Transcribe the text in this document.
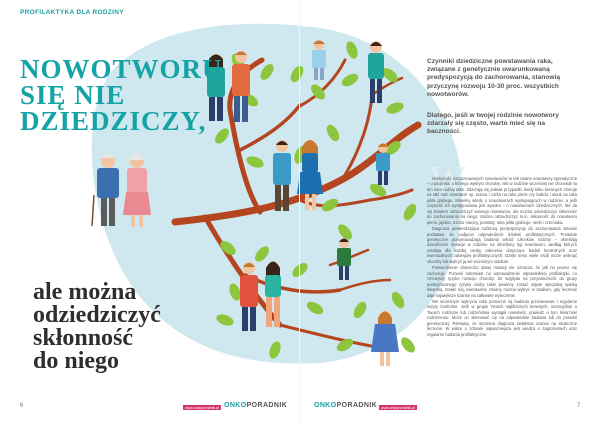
PROFILAKTYKA DLA RODZINY
NOWOTWORU
SIĘ NIE
DZIEDZICZY,
ale można
odziedziczyć
skłonność
do niego

Czynniki dziedziczne powstawania raka, związane z genetycznie uwarunkowaną predyspozycją do zachorowania, stanowią przyczynę rozwoju 10-30 proc. wszystkich nowotworów.

Dlatego, jeśli w twojej rodzinie nowotwory zdarzały się często, warto mieć się na baczności.

W

Większość rozpoznawanych nowotworów to tak zwane nowotwory sporadyczne – u pacjenta, u którego wykryto chorobę, nikt w rodzinie wcześniej nie chorował na ten sam rodzaj raka. Zdarzają się jednak przypadki, kiedy kilku krewnych choruje na taki sam nowotwór np. mama i córka na raka piersi czy babcia i wnuk na raka jelita grubego. Mówimy wtedy o nowotworach występujących w rodzinie, a jeśli częstość ich występowania jest wysoka – o nowotworach dziedzicznych. Nie da się bowiem odziedziczyć samego nowotworu, ale można odziedziczyć skłonność do zachorowania na niego. Można odziedziczyć m.in. skłonność do nowotworu piersi, jajnika, trzonu macicy, prostaty, raka jelita grubego, nerki i czerniaka.

Diagnoza potwierdzająca rodzinną predyspozycję do zachorowania stanowi podstawę do podjęcia odpowiednich działań profilaktycznych. Poradnie genetyczne przeprowadzają badania wśród członków rodziny – określają dziedziczne mutacje w rodzinie na określony typ nowotworu, według których ustalają dla każdej osoby zalecenia dotyczące badań kontrolnych oraz ewentualnych zabiegów profilaktycznych. Dzięki temu wiele osób może uniknąć choroby lub wykryć ją we wczesnym stadium.

Potwierdzenie obecności danej mutacji nie oznacza, że jak na pewno się zachoruje. Pozwoli natomiast na wprowadzenie odpowiedniej profilaktyki, co zmniejszy ryzyko rozwoju choroby. Ze względu na przynależność do grupy podwyższonego ryzyka osoby takie powinny zostać objęte specjalną opieką lekarską. Dzięki niej ewentualne zmiany można wykryć w stadium, gdy leczenie daje największe szanse na całkowite wyleczenie.

We wczesnym wykryciu raka pomocne są badania przesiewowe i regularne wizyty kontrolne. Jeśli w grupie Twoich najbliższych krewnych, szczególnie u Twoich rodziców lub rodzeństwa wystąpił nowotwór, powiedz o tym lekarzowi rodzinnemu. Może on skierować cię na odpowiednie badania lub do poradni genetycznej. Pamiętaj, że wczesna diagnoza zwiększa szanse na skuteczne leczenie. W walce o zdrowie najważniejsza jest wiedza o zagrożeniach oraz regularne badania profilaktyczne.

6	www.onkoporadnik.pl ONKOPORADNIK	ONKOPORADNIK www.onkoporadnik.pl	7
